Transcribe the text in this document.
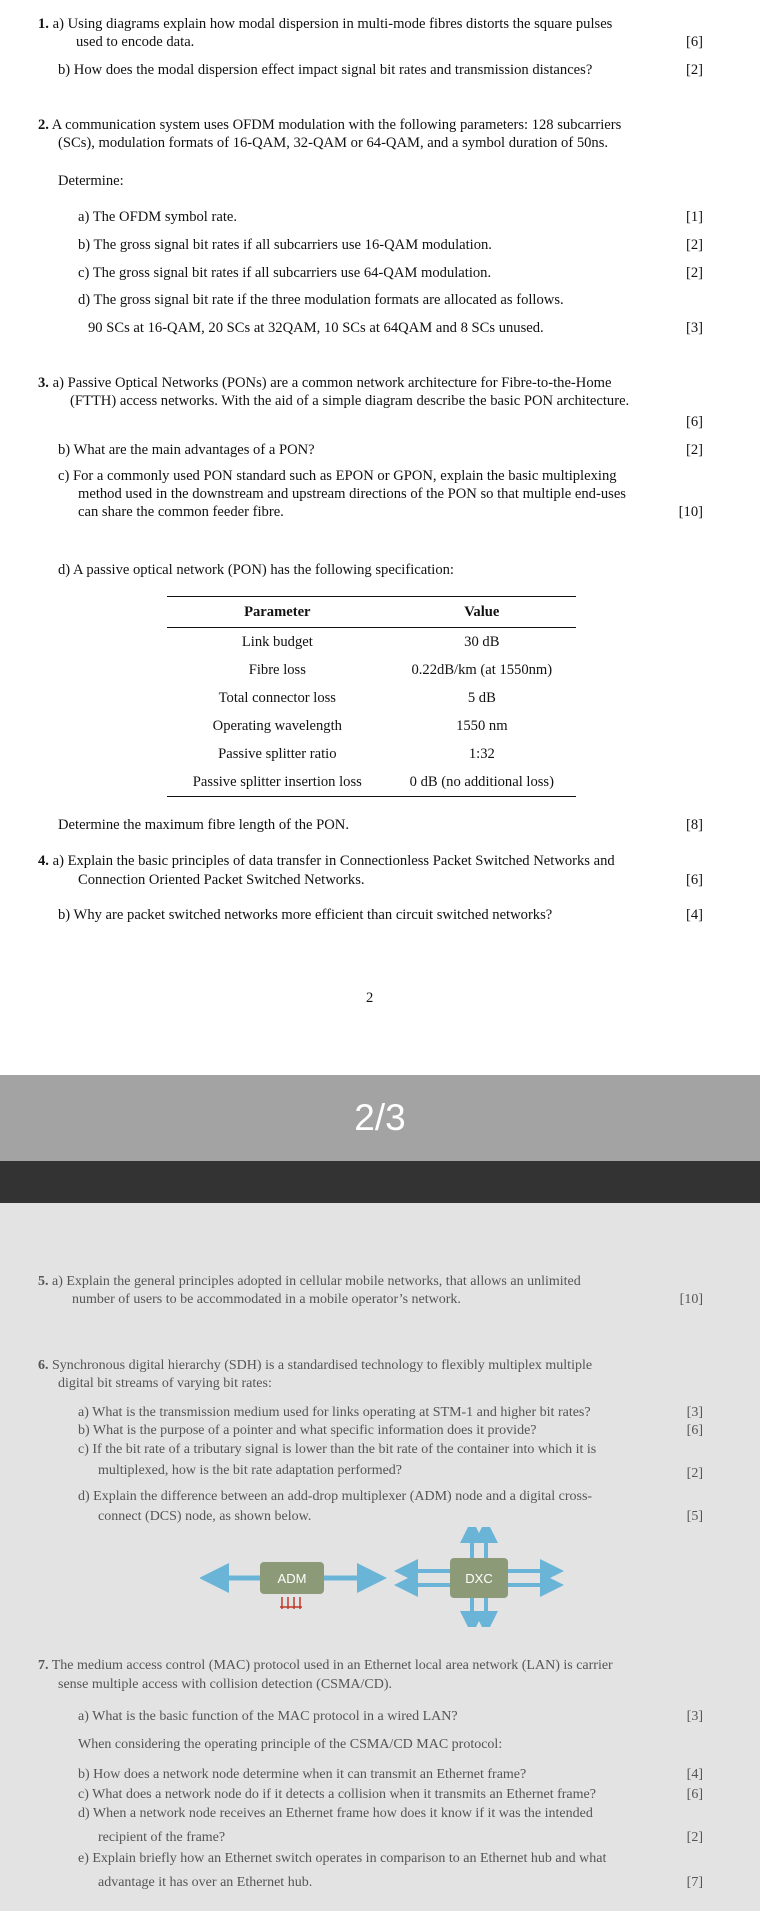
1. a) Using diagrams explain how modal dispersion in multi-mode fibres distorts the square pulses
used to encode data.	[6]
b) How does the modal dispersion effect impact signal bit rates and transmission distances?	[2]
2. A communication system uses OFDM modulation with the following parameters: 128 subcarriers
(SCs), modulation formats of 16-QAM, 32-QAM or 64-QAM, and a symbol duration of 50ns.
Determine:
a) The OFDM symbol rate.	[1]
b) The gross signal bit rates if all subcarriers use 16-QAM modulation.	[2]
c) The gross signal bit rates if all subcarriers use 64-QAM modulation.	[2]
d) The gross signal bit rate if the three modulation formats are allocated as follows.
90 SCs at 16-QAM, 20 SCs at 32QAM, 10 SCs at 64QAM and 8 SCs unused.	[3]
3. a) Passive Optical Networks (PONs) are a common network architecture for Fibre-to-the-Home
(FTTH) access networks. With the aid of a simple diagram describe the basic PON architecture.
[6]
b) What are the main advantages of a PON?	[2]
c) For a commonly used PON standard such as EPON or GPON, explain the basic multiplexing
method used in the downstream and upstream directions of the PON so that multiple end-uses
can share the common feeder fibre.	[10]
d) A passive optical network (PON) has the following specification:
Parameter	Value
Link budget	30 dB
Fibre loss	0.22dB/km (at 1550nm)
Total connector loss	5 dB
Operating wavelength	1550 nm
Passive splitter ratio	1:32
Passive splitter insertion loss	0 dB (no additional loss)
Determine the maximum fibre length of the PON.	[8]
4. a) Explain the basic principles of data transfer in Connectionless Packet Switched Networks and
Connection Oriented Packet Switched Networks.	[6]
b) Why are packet switched networks more efficient than circuit switched networks?	[4]
2
2/3
5. a) Explain the general principles adopted in cellular mobile networks, that allows an unlimited
number of users to be accommodated in a mobile operator’s network.	[10]
6. Synchronous digital hierarchy (SDH) is a standardised technology to flexibly multiplex multiple
digital bit streams of varying bit rates:
a) What is the transmission medium used for links operating at STM-1 and higher bit rates?	[3]
b) What is the purpose of a pointer and what specific information does it provide?	[6]
c) If the bit rate of a tributary signal is lower than the bit rate of the container into which it is
multiplexed, how is the bit rate adaptation performed?	[2]
d) Explain the difference between an add-drop multiplexer (ADM) node and a digital cross-
connect (DCS) node, as shown below.	[5]
7. The medium access control (MAC) protocol used in an Ethernet local area network (LAN) is carrier
sense multiple access with collision detection (CSMA/CD).
a) What is the basic function of the MAC protocol in a wired LAN?	[3]
When considering the operating principle of the CSMA/CD MAC protocol:
b) How does a network node determine when it can transmit an Ethernet frame?	[4]
c) What does a network node do if it detects a collision when it transmits an Ethernet frame?	[6]
d) When a network node receives an Ethernet frame how does it know if it was the intended
recipient of the frame?	[2]
e) Explain briefly how an Ethernet switch operates in comparison to an Ethernet hub and what
advantage it has over an Ethernet hub.	[7]
ADM	DXC
